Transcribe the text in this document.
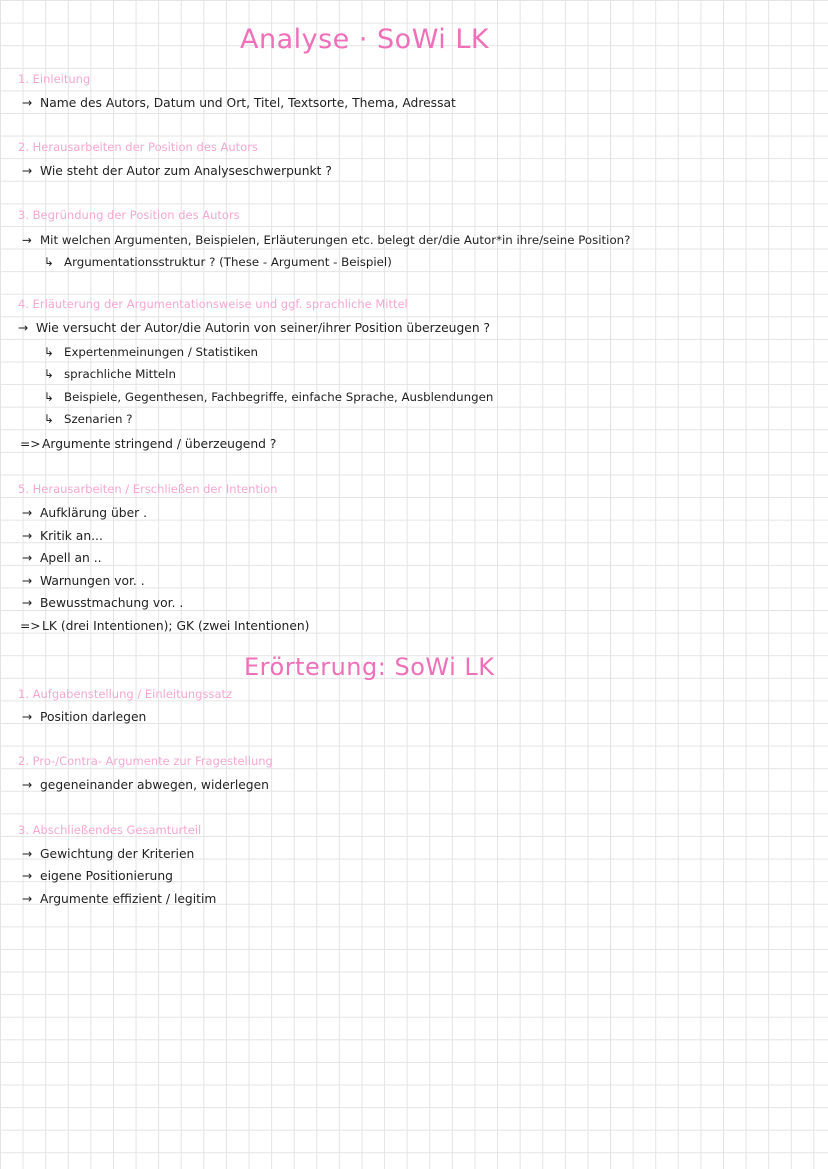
Analyse · SoWi LK
1. Einleitung
→ Name des Autors, Datum und Ort, Titel, Textsorte, Thema, Adressat
2. Herausarbeiten der Position des Autors
→ Wie steht der Autor zum Analyseschwerpunkt ?
3. Begründung der Position des Autors
→ Mit welchen Argumenten, Beispielen, Erläuterungen etc. belegt der/die Autor*in ihre/seine Position?
↳ Argumentationsstruktur ? (These - Argument - Beispiel)
4. Erläuterung der Argumentationsweise und ggf. sprachliche Mittel
→ Wie versucht der Autor/die Autorin von seiner/ihrer Position überzeugen ?
↳ Expertenmeinungen / Statistiken
↳ sprachliche Mitteln
↳ Beispiele, Gegenthesen, Fachbegriffe, einfache Sprache, Ausblendungen
↳ Szenarien ?
=>Argumente stringend / überzeugend ?
5. Herausarbeiten / Erschließen der Intention
→ Aufklärung über .
→ Kritik an...
→ Apell an ..
→ Warnungen vor. .
→ Bewusstmachung vor. .
=>LK (drei Intentionen); GK (zwei Intentionen)
Erörterung: SoWi LK
1. Aufgabenstellung / Einleitungssatz
→ Position darlegen
2. Pro-/Contra- Argumente zur Fragestellung
→ gegeneinander abwegen, widerlegen
3. Abschließendes Gesamturteil
→ Gewichtung der Kriterien
→ eigene Positionierung
→ Argumente effizient / legitim
